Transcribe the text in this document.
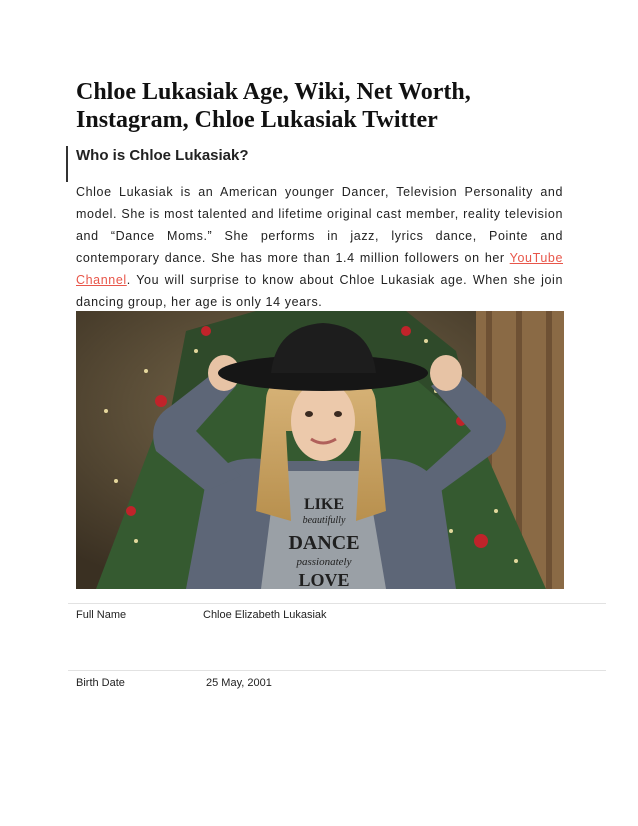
Chloe Lukasiak Age, Wiki, Net Worth, Instagram, Chloe Lukasiak Twitter
Who is Chloe Lukasiak?

Chloe Lukasiak is an American younger Dancer, Television Personality and model. She is most talented and lifetime original cast member, reality television and “Dance Moms.” She performs in jazz, lyrics dance, Pointe and contemporary dance. She has more than 1.4 million followers on her YouTube Channel. You will surprise to know about Chloe Lukasiak age. When she join dancing group, her age is only 14 years.

LIKE
beautifully
DANCE
passionately
LOVE
Full Name	Chloe Elizabeth Lukasiak
Birth Date	25 May, 2001
